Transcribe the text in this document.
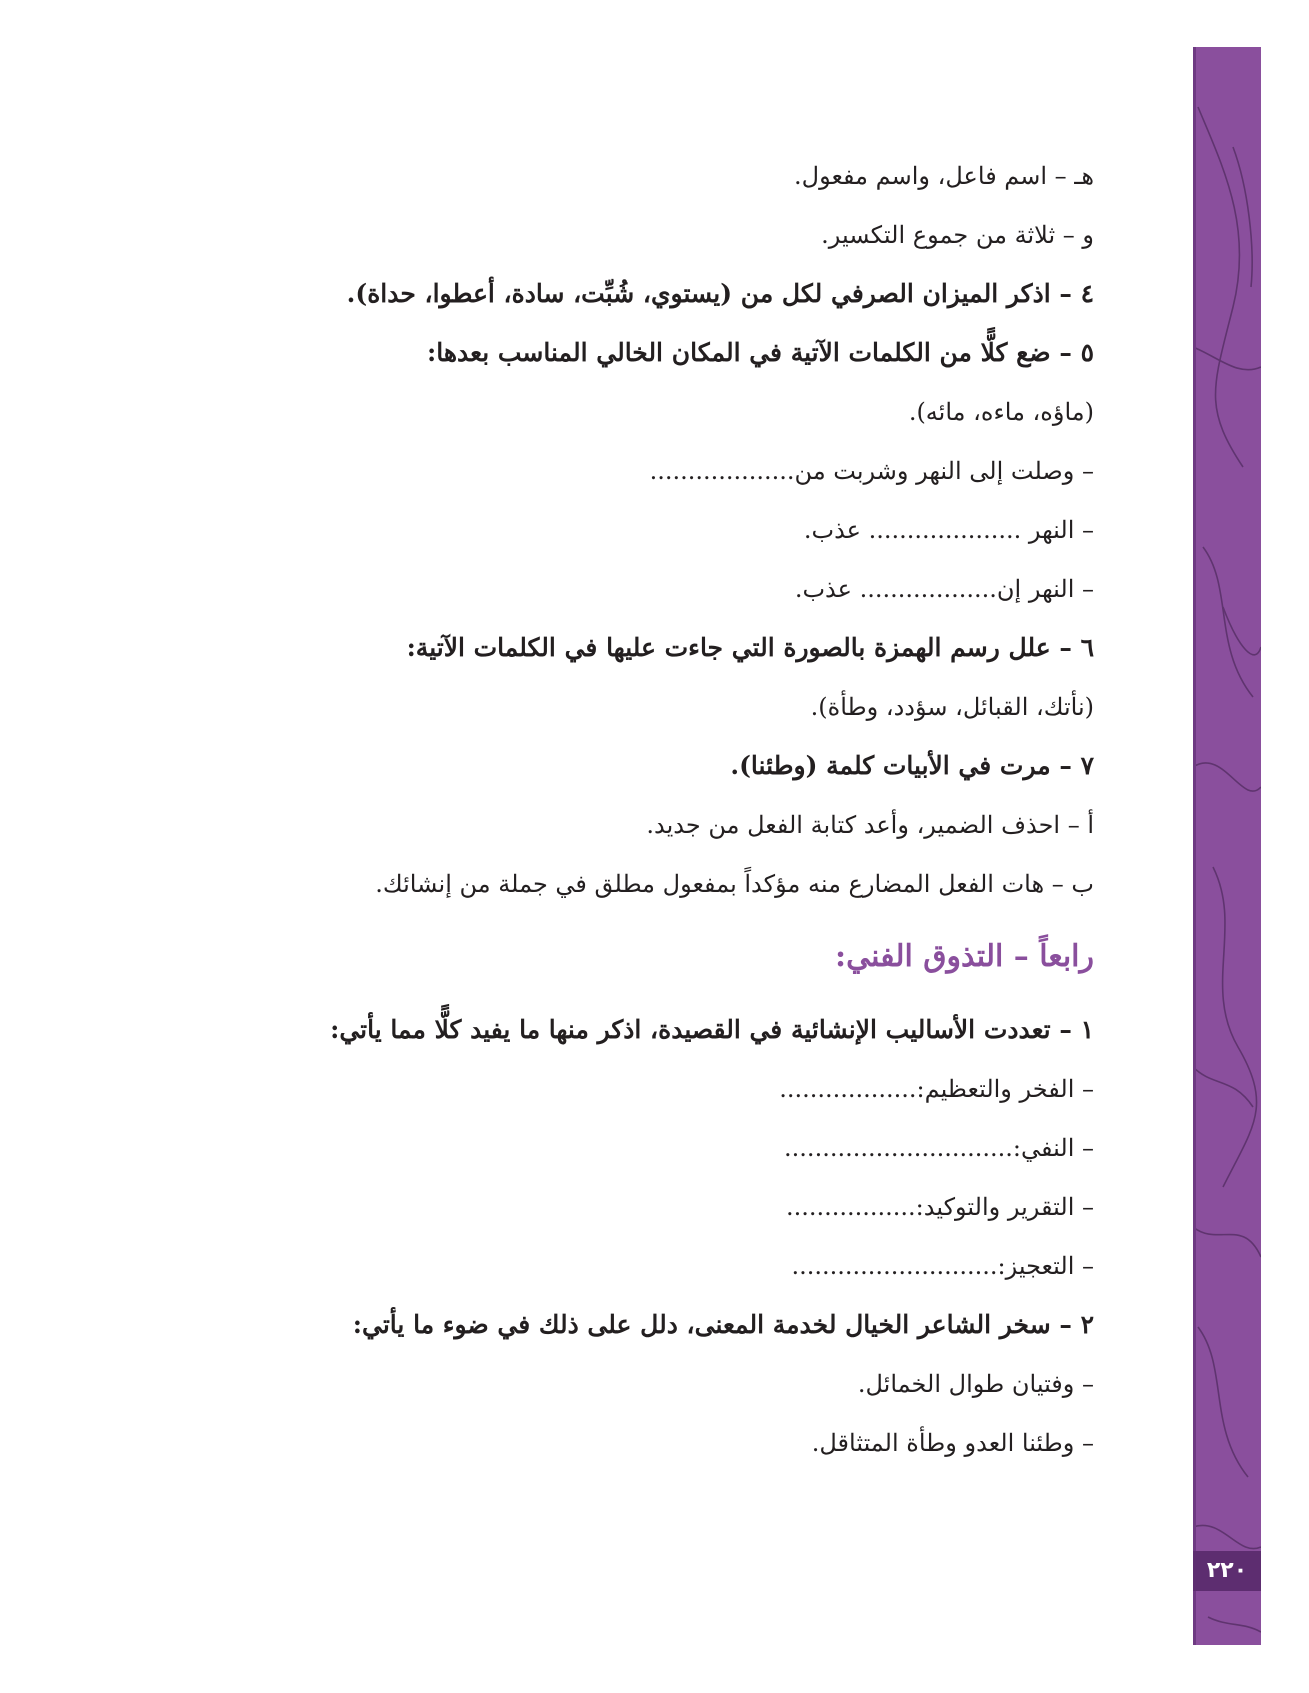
٢٢٠
هـ – اسم فاعل، واسم مفعول.
و – ثلاثة من جموع التكسير.
٤ – اذكر الميزان الصرفي لكل من (يستوي، شُبِّت، سادة، أعطوا، حداة).
٥ – ضع كلًّا من الكلمات الآتية في المكان الخالي المناسب بعدها:
(ماؤه، ماءه، مائه).
– وصلت إلى النهر وشربت من...................
– النهر .................... عذب.
– النهر إن.................. عذب.
٦ – علل رسم الهمزة بالصورة التي جاءت عليها في الكلمات الآتية:
(نأتك، القبائل، سؤدد، وطأة).
٧ – مرت في الأبيات كلمة (وطئنا).
أ – احذف الضمير، وأعد كتابة الفعل من جديد.
ب – هات الفعل المضارع منه مؤكداً بمفعول مطلق في جملة من إنشائك.
رابعاً – التذوق الفني:
١ – تعددت الأساليب الإنشائية في القصيدة، اذكر منها ما يفيد كلًّا مما يأتي:
– الفخر والتعظيم:..................
– النفي:..............................
– التقرير والتوكيد:.................
– التعجيز:...........................
٢ – سخر الشاعر الخيال لخدمة المعنى، دلل على ذلك في ضوء ما يأتي:
– وفتيان طوال الخمائل.
– وطئنا العدو وطأة المتثاقل.
